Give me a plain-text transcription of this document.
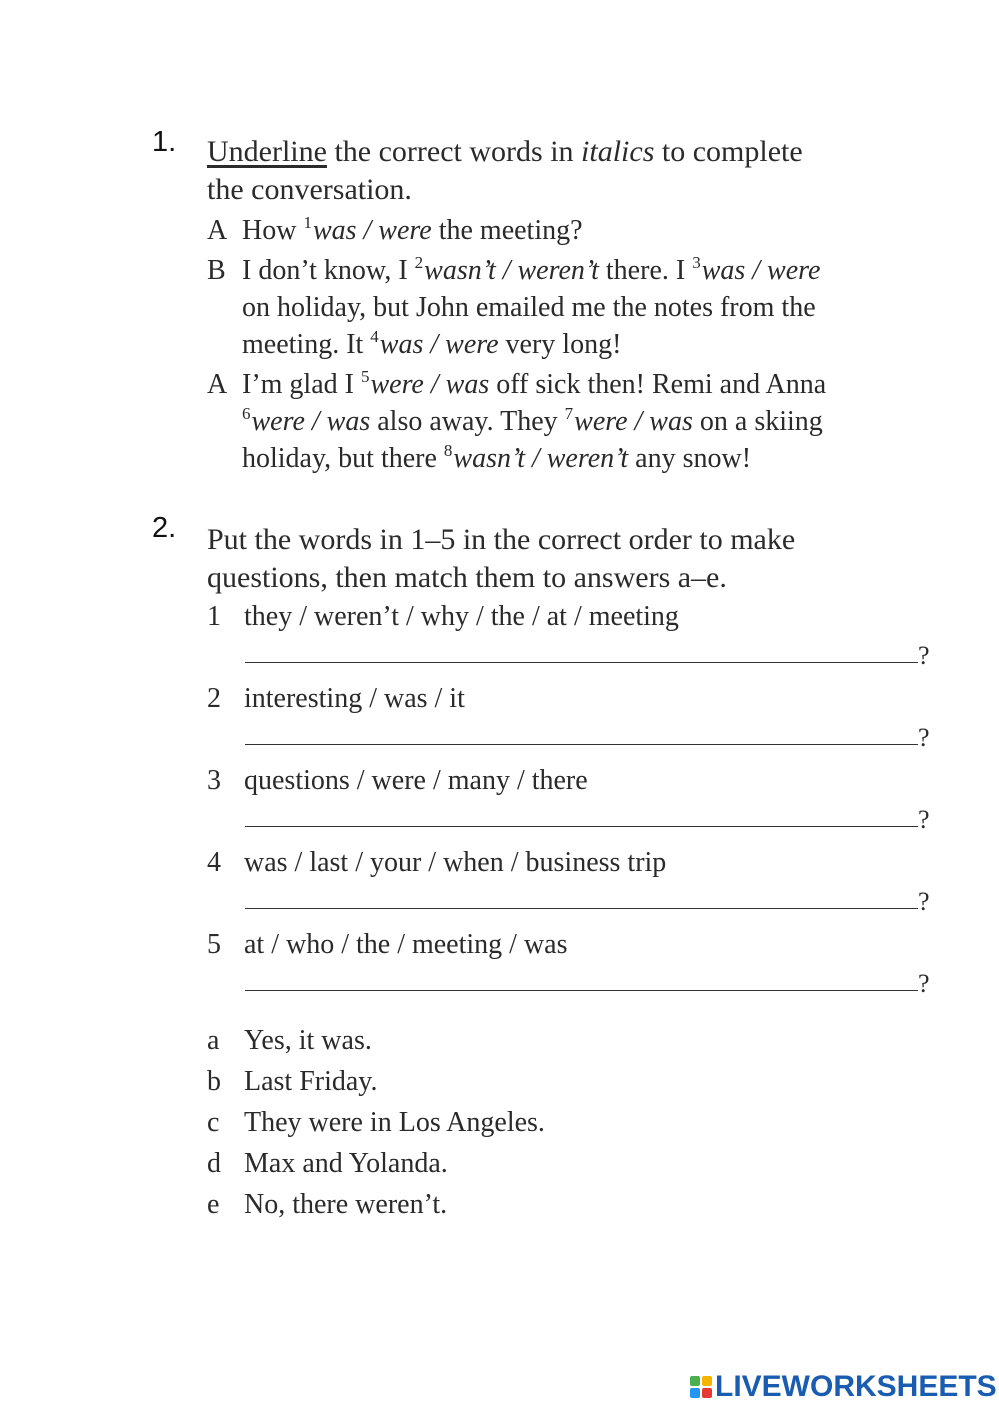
1. Underline the correct words in italics to complete
the conversation.
A How $^1$was / were the meeting?
B I don’t know, I $^2$wasn’t / weren’t there. I $^3$was / were
on holiday, but John emailed me the notes from the
meeting. It $^4$was / were very long!
A I’m glad I $^5$were / was off sick then! Remi and Anna
$^6$were / was also away. They $^7$were / was on a skiing
holiday, but there $^8$wasn’t / weren’t any snow!
2. Put the words in 1–5 in the correct order to make
questions, then match them to answers a–e.
1 they / weren’t / why / the / at / meeting
?
2 interesting / was / it
?
3 questions / were / many / there
?
4 was / last / your / when / business trip
?
5 at / who / the / meeting / was
?
a Yes, it was.
b Last Friday.
c They were in Los Angeles.
d Max and Yolanda.
e No, there weren’t.
LIVEWORKSHEETS
